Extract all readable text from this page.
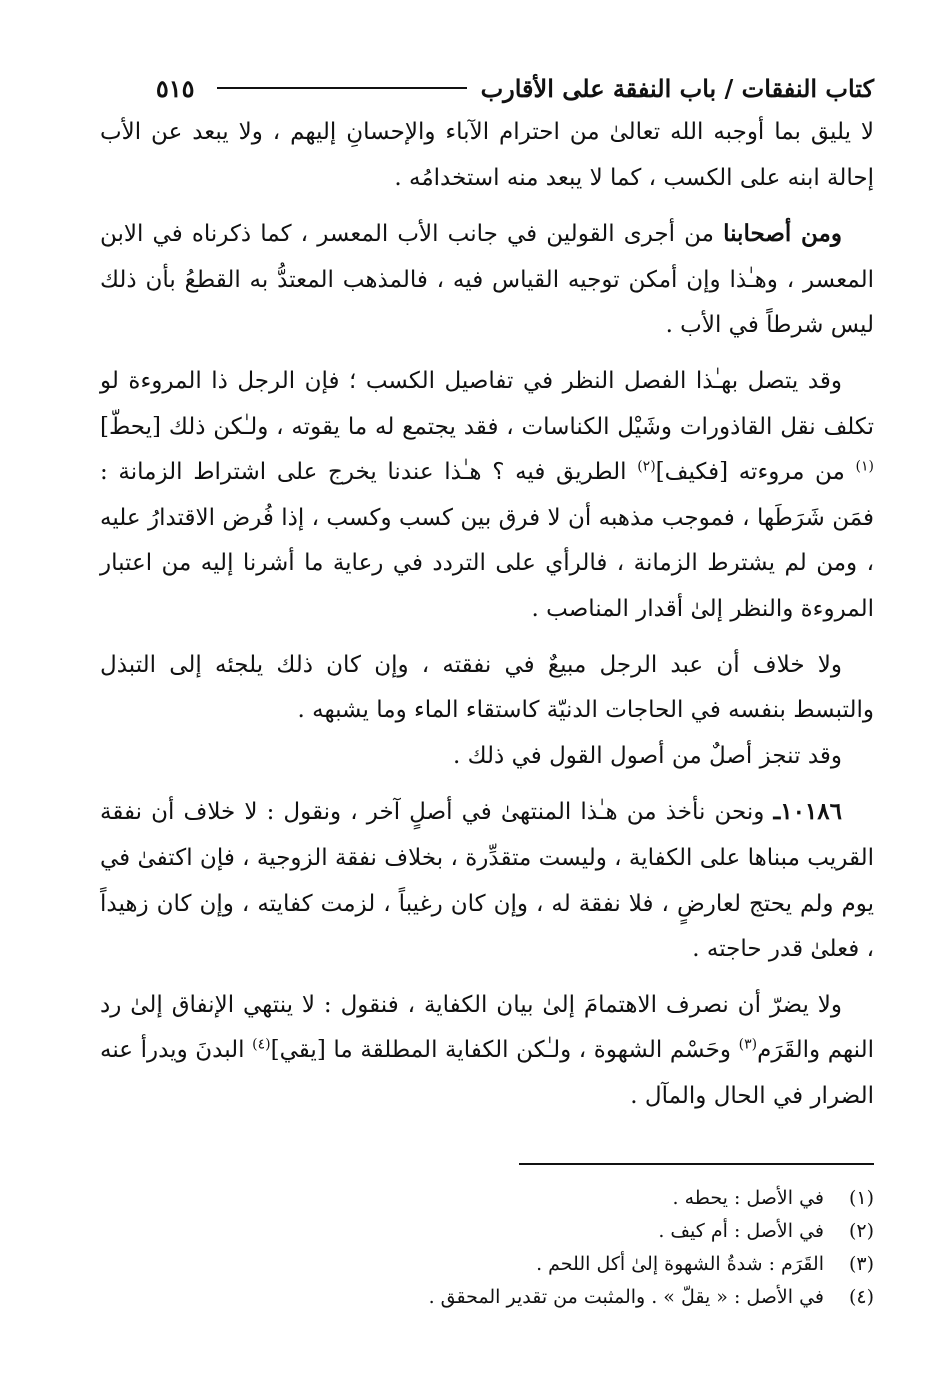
كتاب النفقات / باب النفقة على الأقارب
٥١٥

لا يليق بما أوجبه الله تعالىٰ من احترام الآباء والإحسانِ إليهم ، ولا يبعد عن الأب إحالة ابنه على الكسب ، كما لا يبعد منه استخدامُه .

ومن أصحابنا من أجرى القولين في جانب الأب المعسر ، كما ذكرناه في الابن المعسر ، وهـٰذا وإن أمكن توجيه القياس فيه ، فالمذهب المعتدُّ به القطعُ بأن ذلك ليس شرطاً في الأب .

وقد يتصل بهـٰذا الفصل النظر في تفاصيل الكسب ؛ فإن الرجل ذا المروءة لو تكلف نقل القاذورات وشَيْل الكناسات ، فقد يجتمع له ما يقوته ، ولـٰكن ذلك [يحطّ]$^{(١)}$ من مروءته [فكيف]$^{(٢)}$ الطريق فيه ؟ هـٰذا عندنا يخرج على اشتراط الزمانة : فمَن شَرَطَها ، فموجب مذهبه أن لا فرق بين كسب وكسب ، إذا فُرض الاقتدارُ عليه ، ومن لم يشترط الزمانة ، فالرأي على التردد في رعاية ما أشرنا إليه من اعتبار المروءة والنظر إلىٰ أقدار المناصب .

ولا خلاف أن عبد الرجل مبيعٌ في نفقته ، وإن كان ذلك يلجئه إلى التبذل والتبسط بنفسه في الحاجات الدنيّة كاستقاء الماء وما يشبهه .

وقد تنجز أصلٌ من أصول القول في ذلك .

١٠١٨٦ـ ونحن نأخذ من هـٰذا المنتهىٰ في أصلٍ آخر ، ونقول : لا خلاف أن نفقة القريب مبناها على الكفاية ، وليست متقدِّرة ، بخلاف نفقة الزوجية ، فإن اكتفىٰ في يوم ولم يحتج لعارضٍ ، فلا نفقة له ، وإن كان رغيباً ، لزمت كفايته ، وإن كان زهيداً ، فعلىٰ قدر حاجته .

ولا يضرّ أن نصرف الاهتمامَ إلىٰ بيان الكفاية ، فنقول : لا ينتهي الإنفاق إلىٰ رد النهم والقَرَم$^{(٣)}$ وحَسْم الشهوة ، ولـٰكن الكفاية المطلقة ما [يقي]$^{(٤)}$ البدنَ ويدرأ عنه الضرار في الحال والمآل .

(١)
في الأصل : يحطه .
(٢)
في الأصل : أم كيف .
(٣)
القَرَم : شدةُ الشهوة إلىٰ أكل اللحم .
(٤)
في الأصل : « يقلّ » . والمثبت من تقدير المحقق .
